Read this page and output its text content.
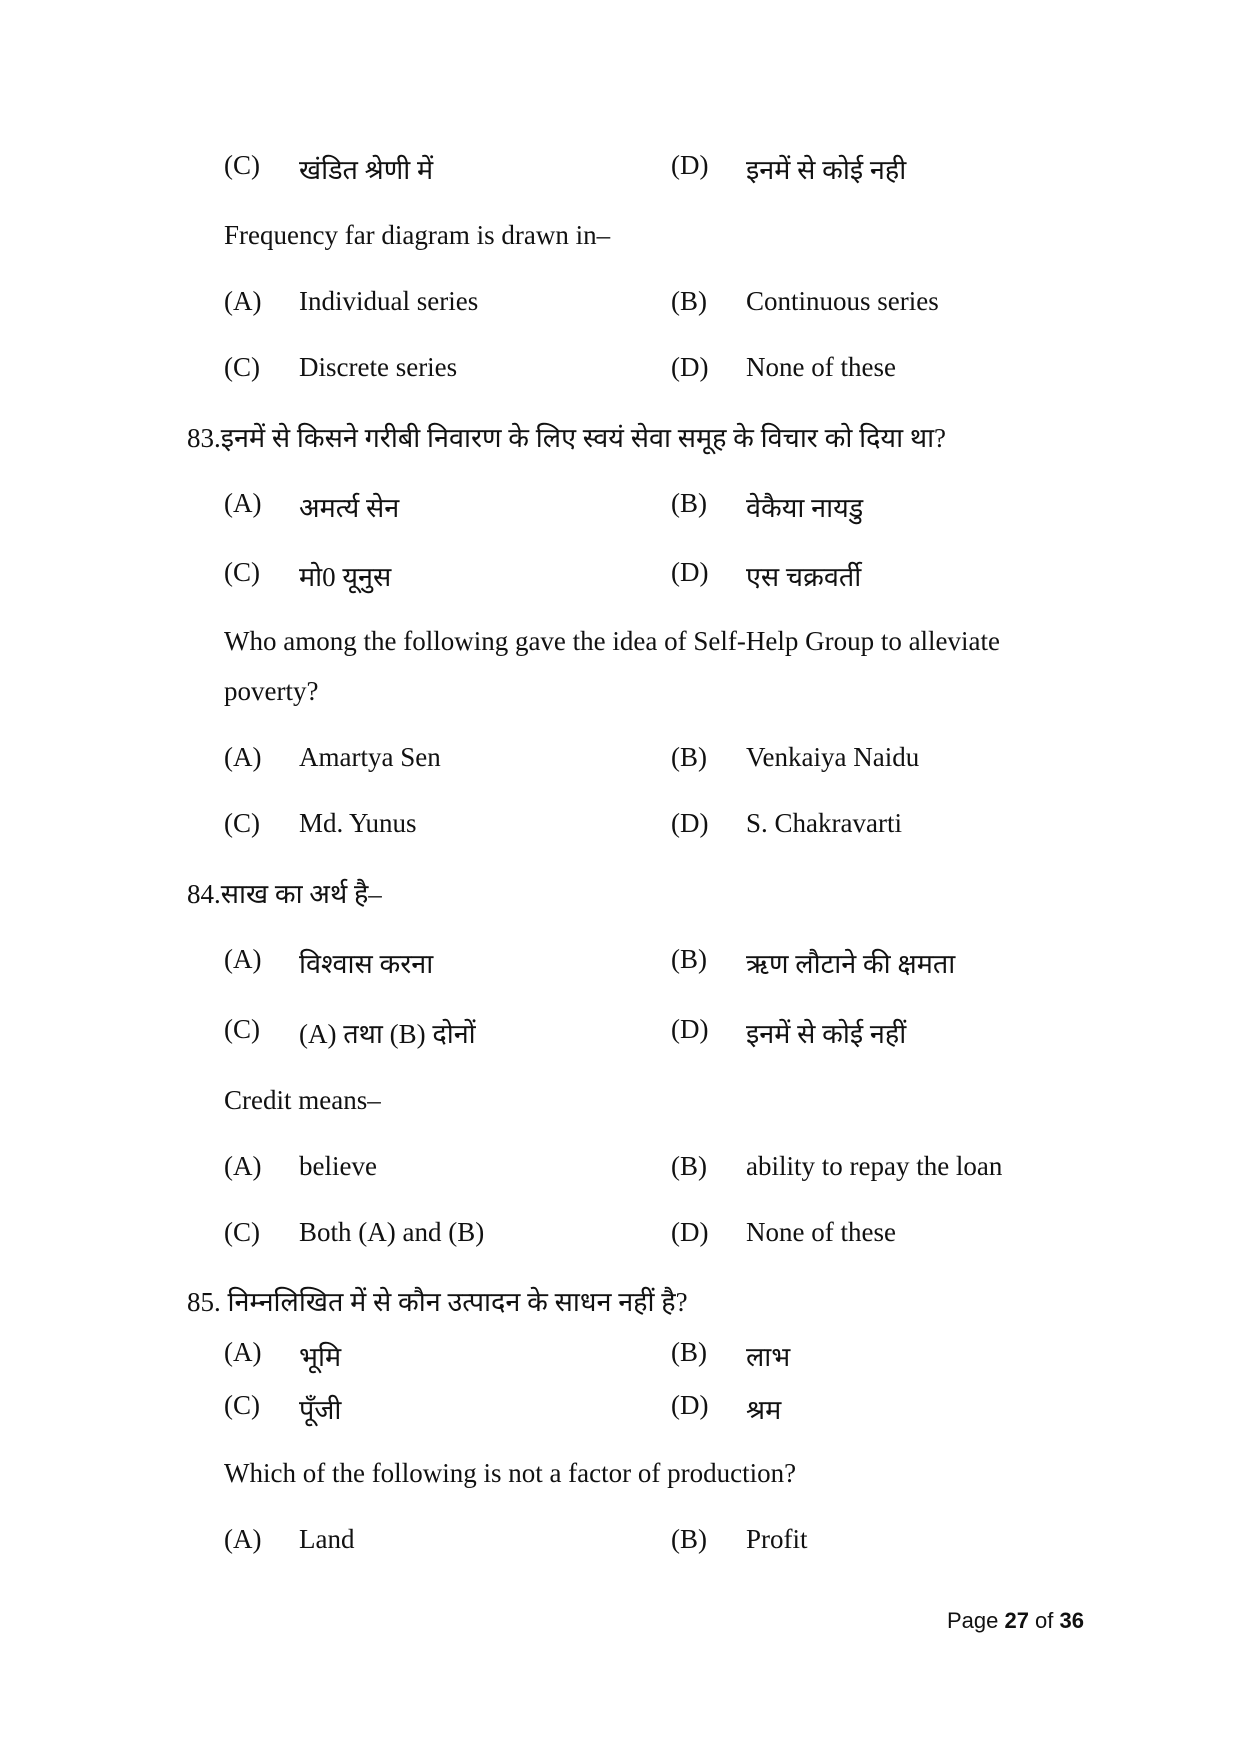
(C) खंडित श्रेणी में	(D) इनमें से कोई नही
Frequency far diagram is drawn in–
(A) Individual series	(B) Continuous series
(C) Discrete series	(D) None of these
83.इनमें से किसने गरीबी निवारण के लिए स्वयं सेवा समूह के विचार को दिया था?
(A) अमर्त्य सेन	(B) वेकैया नायडु
(C) मो0 यूनुस	(D) एस चक्रवर्ती
Who among the following gave the idea of Self-Help Group to alleviate
poverty?
(A) Amartya Sen	(B) Venkaiya Naidu
(C) Md. Yunus	(D) S. Chakravarti
84.साख का अर्थ है–
(A) विश्वास करना	(B) ऋण लौटाने की क्षमता
(C) (A) तथा (B) दोनों	(D) इनमें से कोई नहीं
Credit means–
(A) believe	(B) ability to repay the loan
(C) Both (A) and (B)	(D) None of these
85. निम्नलिखित में से कौन उत्पादन के साधन नहीं है?
(A) भूमि	(B) लाभ
(C) पूँजी	(D) श्रम
Which of the following is not a factor of production?
(A) Land	(B) Profit
Page 27 of 36
